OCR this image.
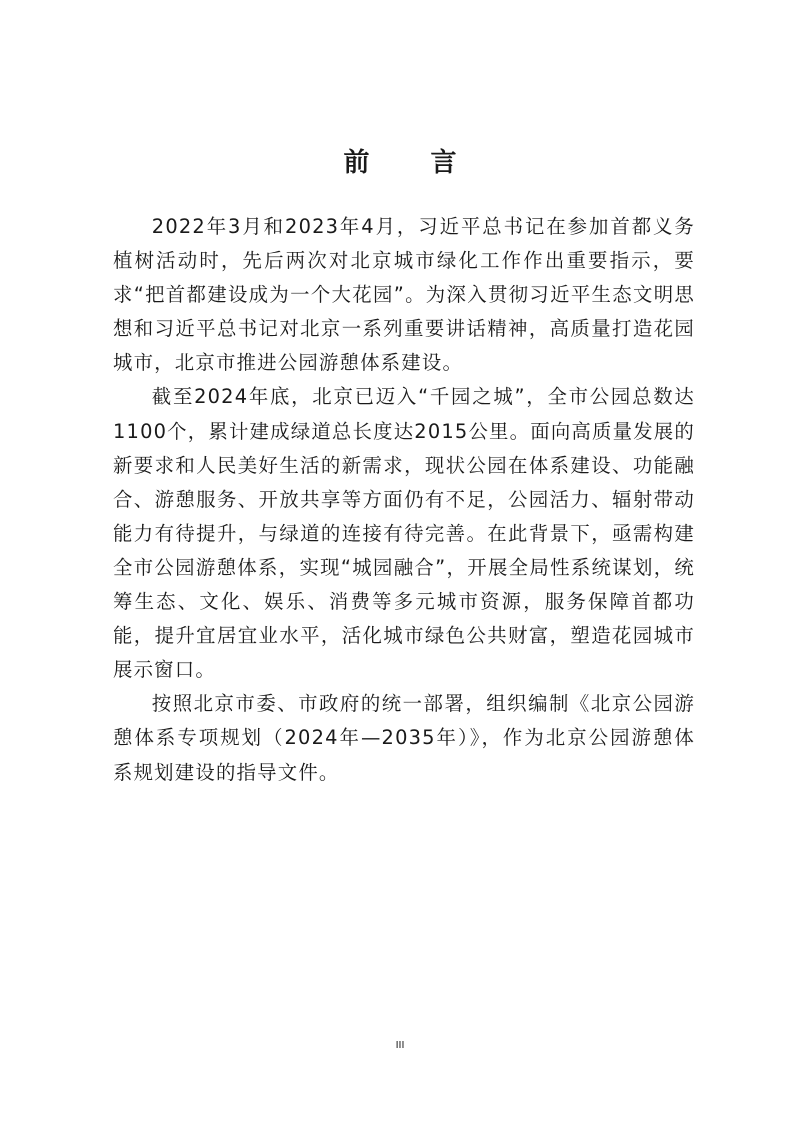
前 言

2022年3月和2023年4月，习近平总书记在参加首都义务植树活动时，先后两次对北京城市绿化工作作出重要指示，要求“把首都建设成为一个大花园”。为深入贯彻习近平生态文明思想和习近平总书记对北京一系列重要讲话精神，高质量打造花园城市，北京市推进公园游憩体系建设。

截至2024年底，北京已迈入“千园之城”，全市公园总数达1100个，累计建成绿道总长度达2015公里。面向高质量发展的新要求和人民美好生活的新需求，现状公园在体系建设、功能融合、游憩服务、开放共享等方面仍有不足，公园活力、辐射带动能力有待提升，与绿道的连接有待完善。在此背景下，亟需构建全市公园游憩体系，实现“城园融合”，开展全局性系统谋划，统筹生态、文化、娱乐、消费等多元城市资源，服务保障首都功能，提升宜居宜业水平，活化城市绿色公共财富，塑造花园城市展示窗口。

按照北京市委、市政府的统一部署，组织编制《北京公园游憩体系专项规划（2024年—2035年）》，作为北京公园游憩体系规划建设的指导文件。

III
